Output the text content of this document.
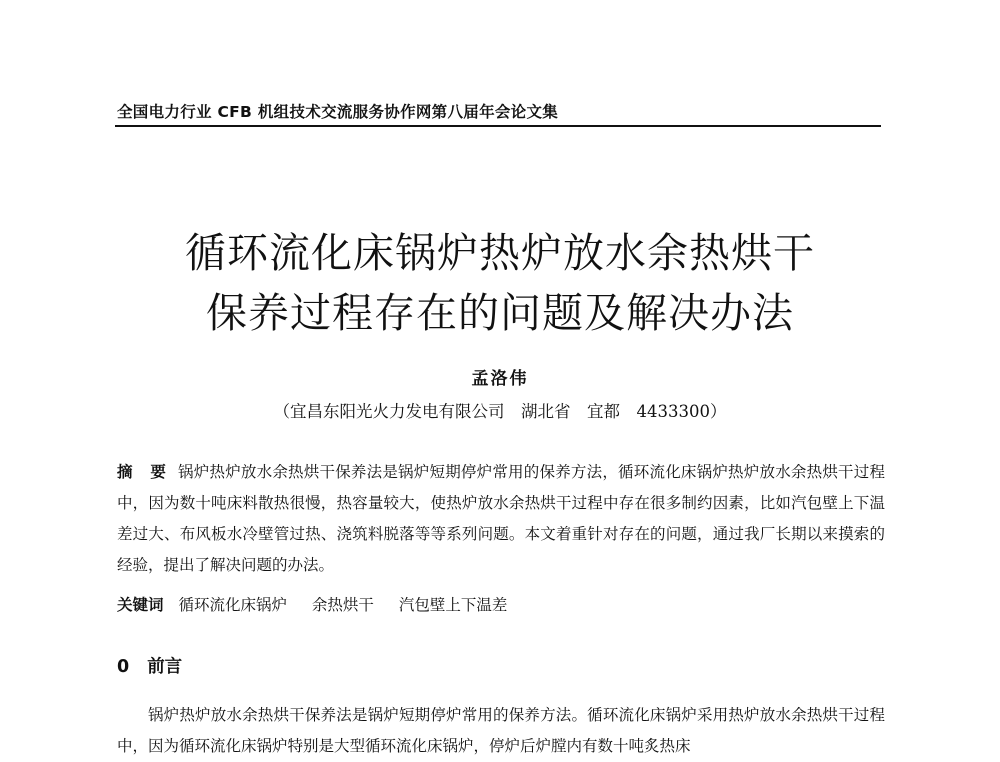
全国电力行业 CFB 机组技术交流服务协作网第八届年会论文集
循环流化床锅炉热炉放水余热烘干
保养过程存在的问题及解决办法
孟洛伟
（宜昌东阳光火力发电有限公司　湖北省　宜都　4433300）
摘 要 锅炉热炉放水余热烘干保养法是锅炉短期停炉常用的保养方法，循环流化床锅炉热炉放水余热烘干过程中，因为数十吨床料散热很慢，热容量较大，使热炉放水余热烘干过程中存在很多制约因素，比如汽包壁上下温差过大、布风板水冷壁管过热、浇筑料脱落等等系列问题。本文着重针对存在的问题，通过我厂长期以来摸索的经验，提出了解决问题的办法。
关键词 循环流化床锅炉 余热烘干 汽包壁上下温差
0 前言
锅炉热炉放水余热烘干保养法是锅炉短期停炉常用的保养方法。循环流化床锅炉采用热炉放水余热烘干过程中，因为循环流化床锅炉特别是大型循环流化床锅炉，停炉后炉膛内有数十吨炙热床
